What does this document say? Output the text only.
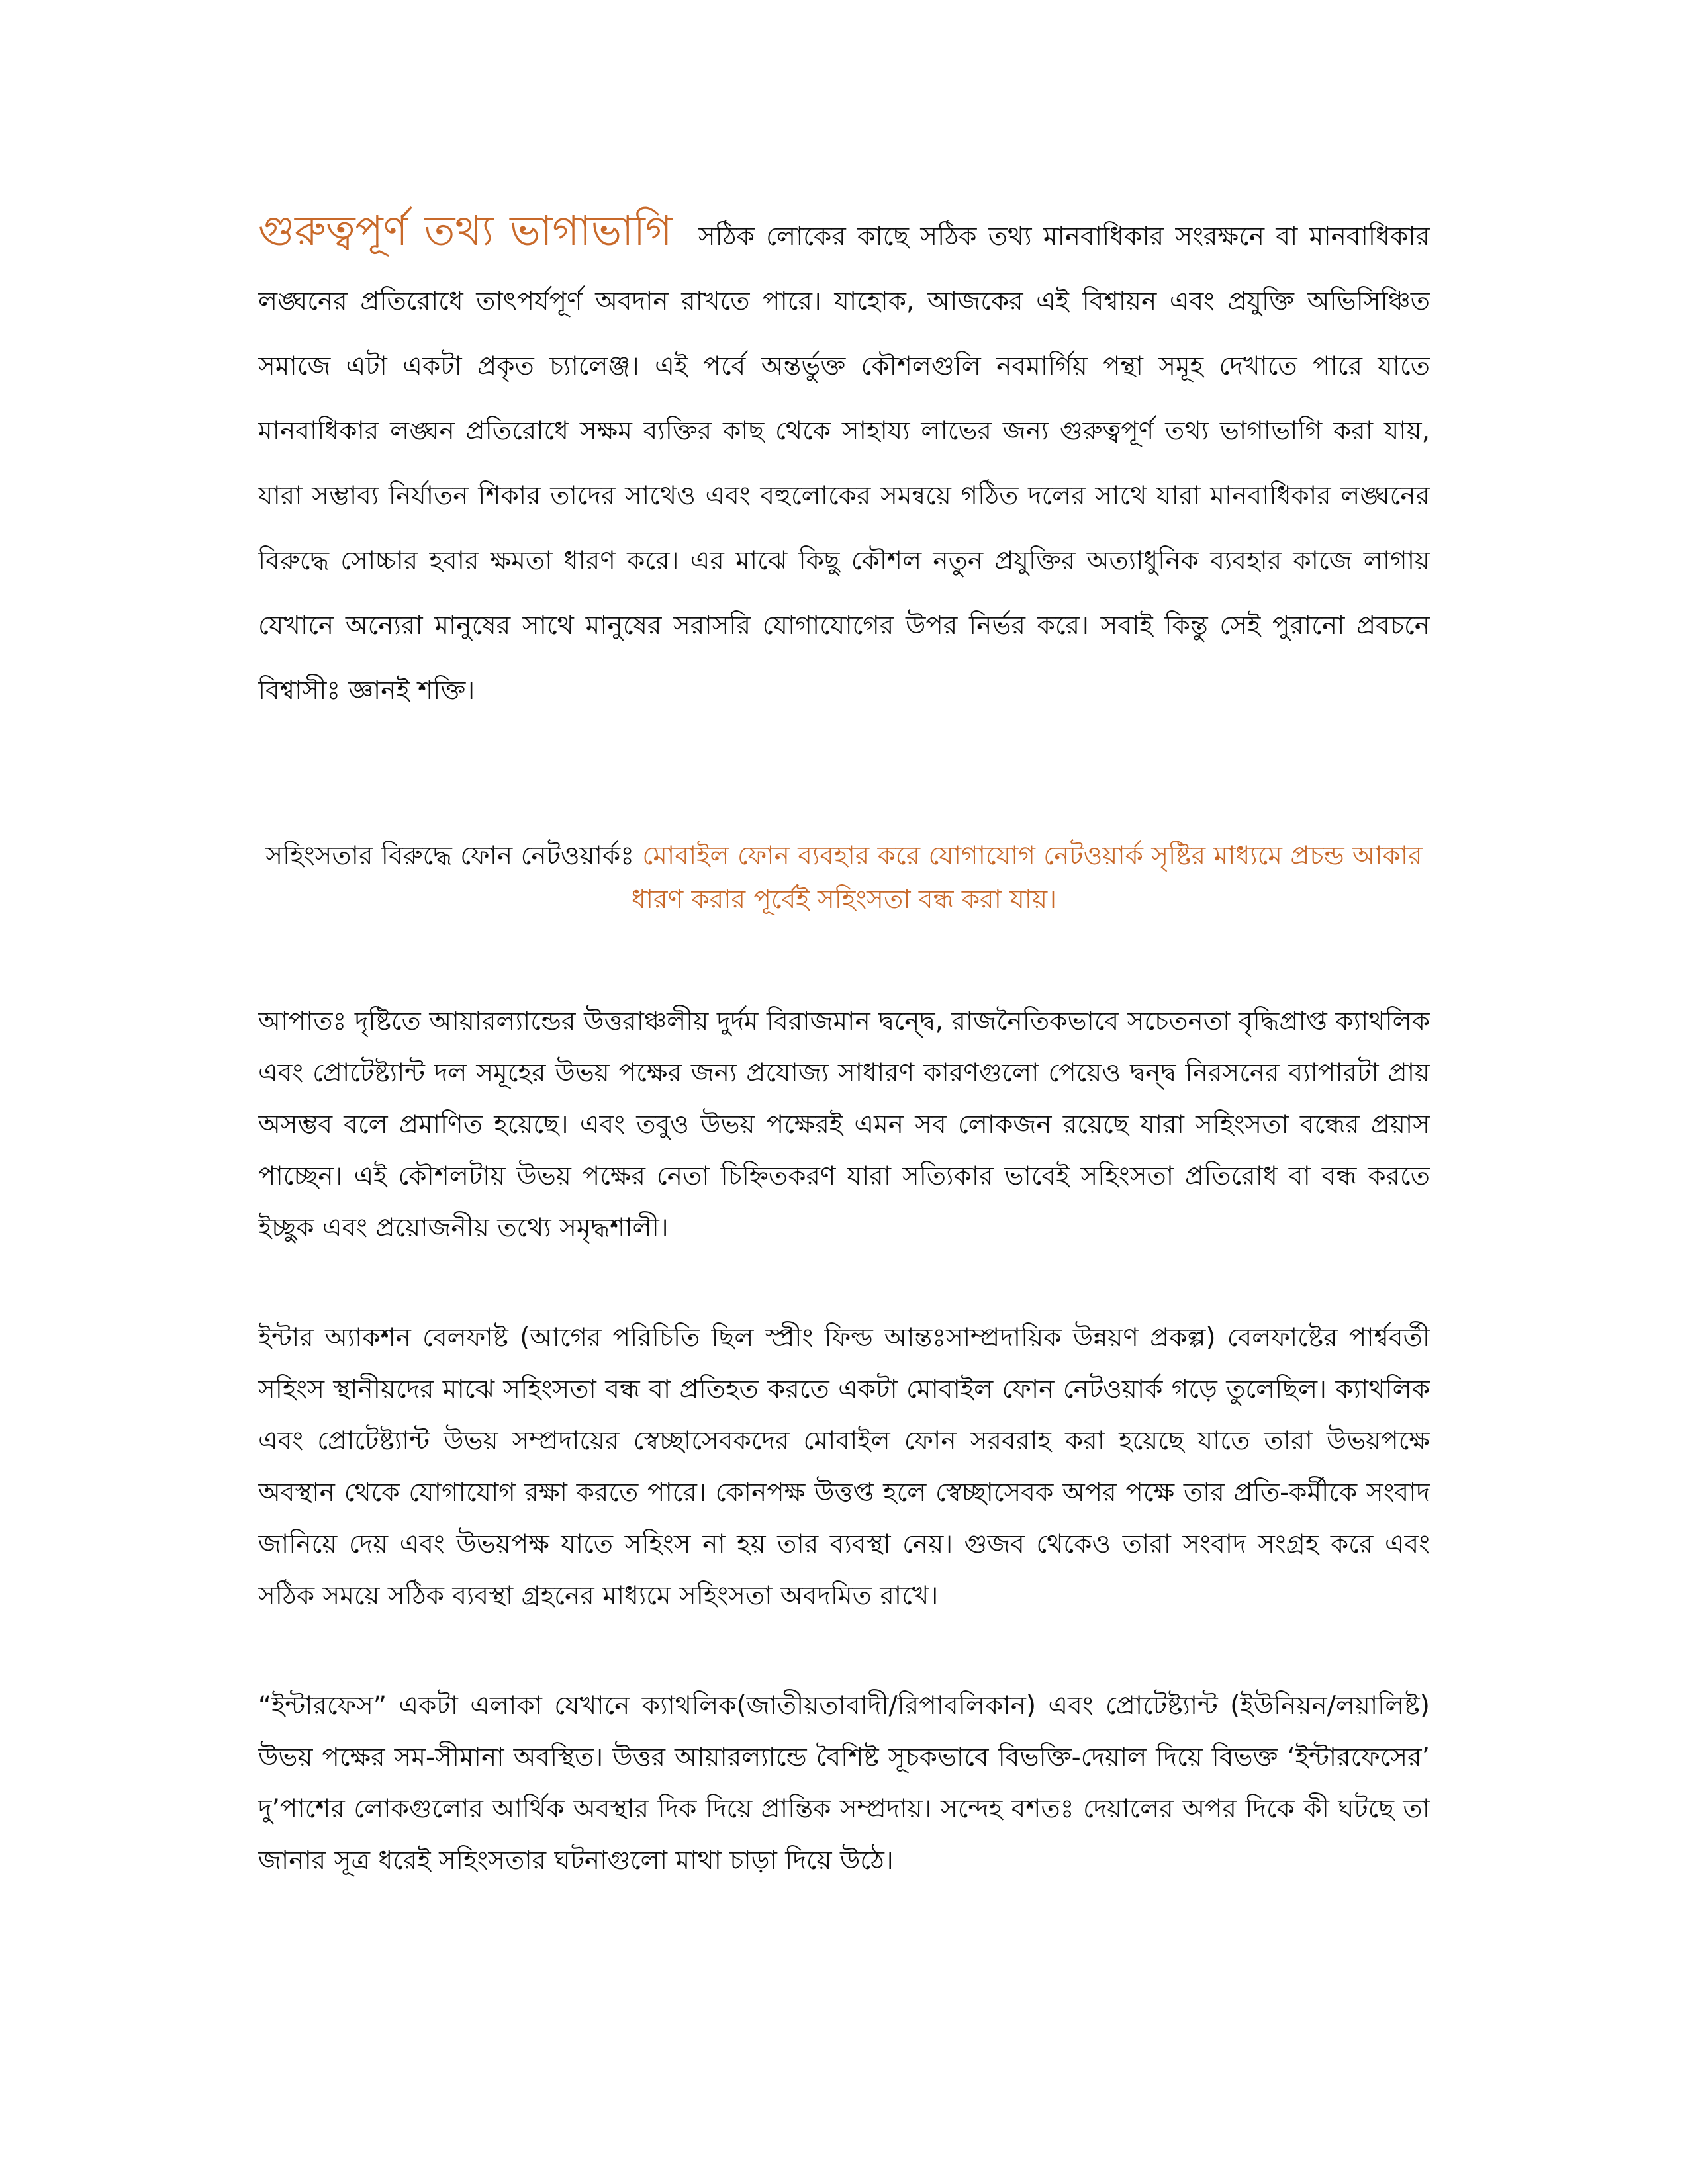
গুরুত্বপূর্ণ তথ্য ভাগাভাগি সঠিক লোকের কাছে সঠিক তথ্য মানবাধিকার সংরক্ষনে বা মানবাধিকার লঙ্ঘনের প্রতিরোধে তাৎপর্যপূর্ণ অবদান রাখতে পারে। যাহোক, আজকের এই বিশ্বায়ন এবং প্রযুক্তি অভিসিঞ্চিত সমাজে এটা একটা প্রকৃত চ্যালেঞ্জ। এই পর্বে অন্তর্ভুক্ত কৌশলগুলি নবমার্গিয় পন্থা সমূহ দেখাতে পারে যাতে মানবাধিকার লঙ্ঘন প্রতিরোধে সক্ষম ব্যক্তির কাছ থেকে সাহায্য লাভের জন্য গুরুত্বপূর্ণ তথ্য ভাগাভাগি করা যায়, যারা সম্ভাব্য নির্যাতন শিকার তাদের সাথেও এবং বহুলোকের সমন্বয়ে গঠিত দলের সাথে যারা মানবাধিকার লঙ্ঘনের বিরুদ্ধে সোচ্চার হবার ক্ষমতা ধারণ করে। এর মাঝে কিছু কৌশল নতুন প্রযুক্তির অত্যাধুনিক ব্যবহার কাজে লাগায় যেখানে অন্যেরা মানুষের সাথে মানুষের সরাসরি যোগাযোগের উপর নির্ভর করে। সবাই কিন্তু সেই পুরানো প্রবচনে বিশ্বাসীঃ জ্ঞানই শক্তি।

সহিংসতার বিরুদ্ধে ফোন নেটওয়ার্কঃ মোবাইল ফোন ব্যবহার করে যোগাযোগ নেটওয়ার্ক সৃষ্টির মাধ্যমে প্রচন্ড আকার ধারণ করার পূর্বেই সহিংসতা বন্ধ করা যায়।

আপাতঃ দৃষ্টিতে আয়ারল্যান্ডের উত্তরাঞ্চলীয় দুর্দম বিরাজমান দ্বন্দ্বে, রাজনৈতিকভাবে সচেতনতা বৃদ্ধিপ্রাপ্ত ক্যাথলিক এবং প্রোটেষ্ট্যান্ট দল সমূহের উভয় পক্ষের জন্য প্রযোজ্য সাধারণ কারণগুলো পেয়েও দ্বন্দ্ব নিরসনের ব্যাপারটা প্রায় অসম্ভব বলে প্রমাণিত হয়েছে। এবং তবুও উভয় পক্ষেরই এমন সব লোকজন রয়েছে যারা সহিংসতা বন্ধের প্রয়াস পাচ্ছেন। এই কৌশলটায় উভয় পক্ষের নেতা চিহ্নিতকরণ যারা সত্যিকার ভাবেই সহিংসতা প্রতিরোধ বা বন্ধ করতে ইচ্ছুক এবং প্রয়োজনীয় তথ্যে সমৃদ্ধশালী।

ইন্টার অ্যাকশন বেলফাষ্ট (আগের পরিচিতি ছিল স্প্রীং ফিল্ড আন্তঃসাম্প্রদায়িক উন্নয়ণ প্রকল্প) বেলফাষ্টের পার্শ্ববর্তী সহিংস স্থানীয়দের মাঝে সহিংসতা বন্ধ বা প্রতিহত করতে একটা মোবাইল ফোন নেটওয়ার্ক গড়ে তুলেছিল। ক্যাথলিক এবং প্রোটেষ্ট্যান্ট উভয় সম্প্রদায়ের স্বেচ্ছাসেবকদের মোবাইল ফোন সরবরাহ করা হয়েছে যাতে তারা উভয়পক্ষে অবস্থান থেকে যোগাযোগ রক্ষা করতে পারে। কোনপক্ষ উত্তপ্ত হলে স্বেচ্ছাসেবক অপর পক্ষে তার প্রতি-কর্মীকে সংবাদ জানিয়ে দেয় এবং উভয়পক্ষ যাতে সহিংস না হয় তার ব্যবস্থা নেয়। গুজব থেকেও তারা সংবাদ সংগ্রহ করে এবং সঠিক সময়ে সঠিক ব্যবস্থা গ্রহনের মাধ্যমে সহিংসতা অবদমিত রাখে।

“ইন্টারফেস” একটা এলাকা যেখানে ক্যাথলিক(জাতীয়তাবাদী/রিপাবলিকান) এবং প্রোটেষ্ট্যান্ট (ইউনিয়ন/লয়ালিষ্ট) উভয় পক্ষের সম-সীমানা অবস্থিত। উত্তর আয়ারল্যান্ডে বৈশিষ্ট সূচকভাবে বিভক্তি-দেয়াল দিয়ে বিভক্ত ‘ইন্টারফেসের’ দু’পাশের লোকগুলোর আর্থিক অবস্থার দিক দিয়ে প্রান্তিক সম্প্রদায়। সন্দেহ বশতঃ দেয়ালের অপর দিকে কী ঘটছে তা জানার সূত্র ধরেই সহিংসতার ঘটনাগুলো মাথা চাড়া দিয়ে উঠে।
